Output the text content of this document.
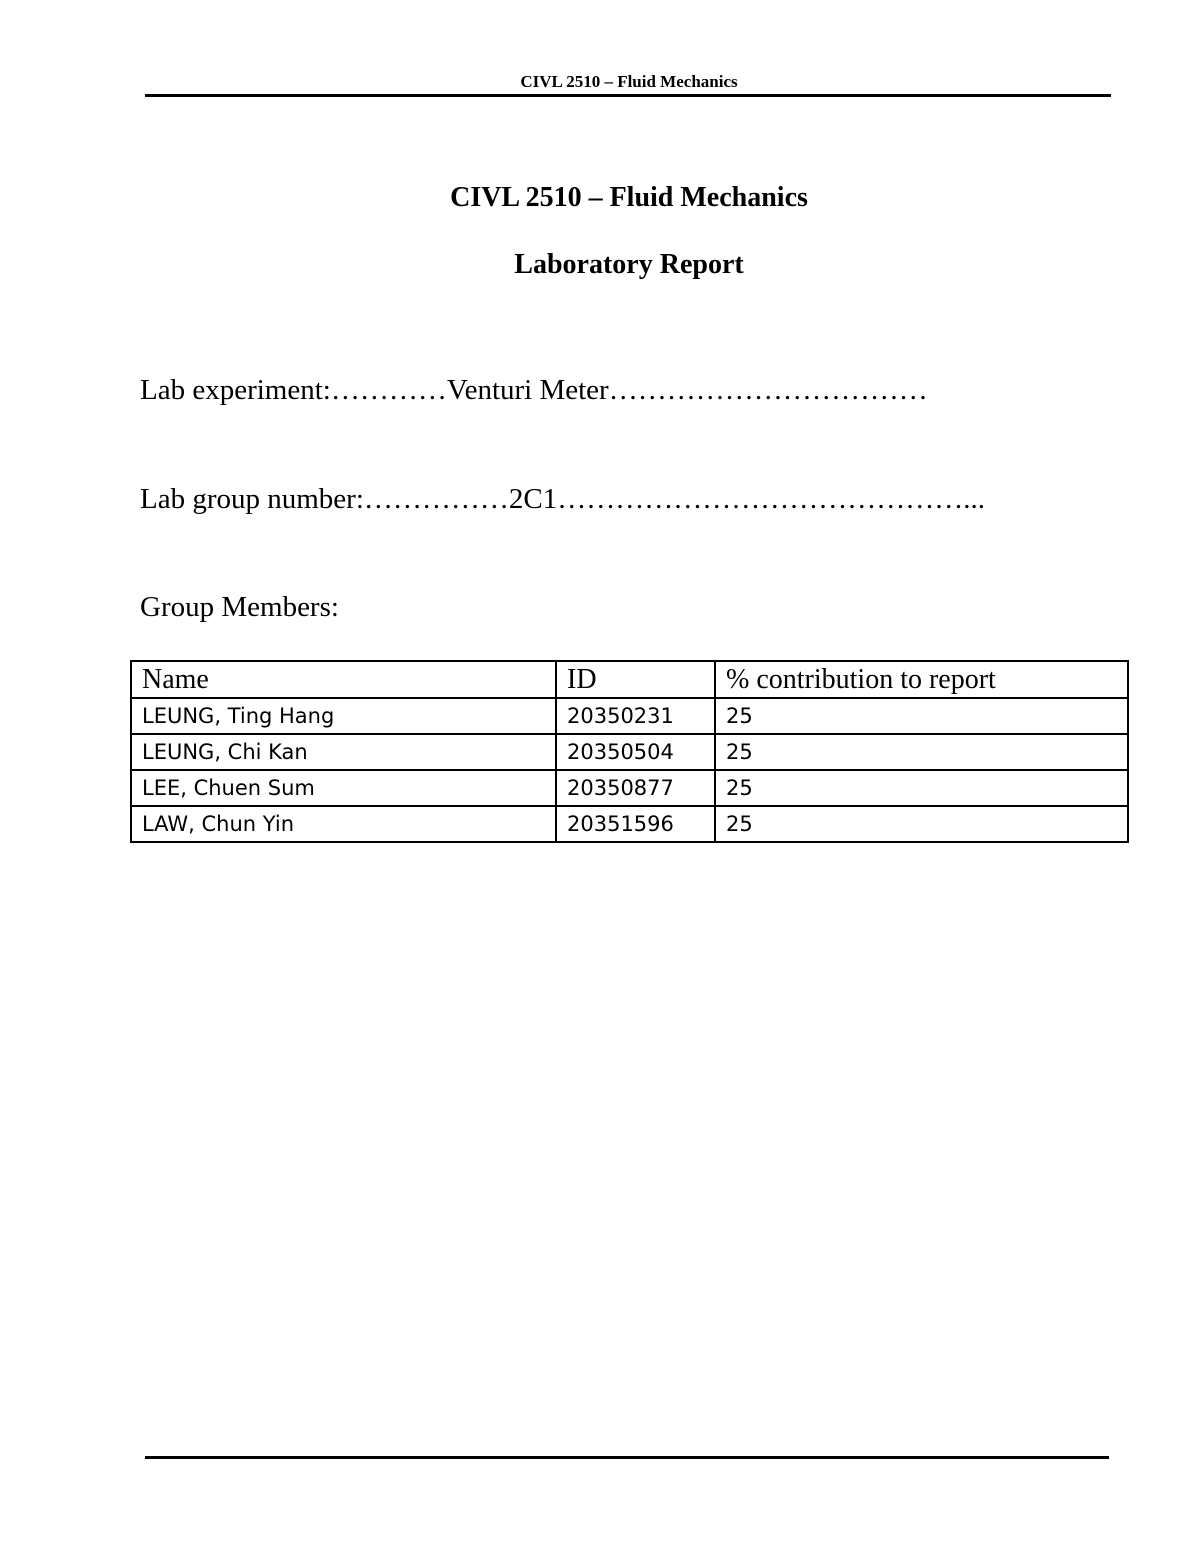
CIVL 2510 – Fluid Mechanics
CIVL 2510 – Fluid Mechanics
Laboratory Report
Lab experiment:…………Venturi Meter……………………………
Lab group number:……………2C1……………………………………...
Group Members:
Name	ID	% contribution to report
LEUNG, Ting Hang	20350231	25
LEUNG, Chi Kan	20350504	25
LEE, Chuen Sum	20350877	25
LAW, Chun Yin	20351596	25
